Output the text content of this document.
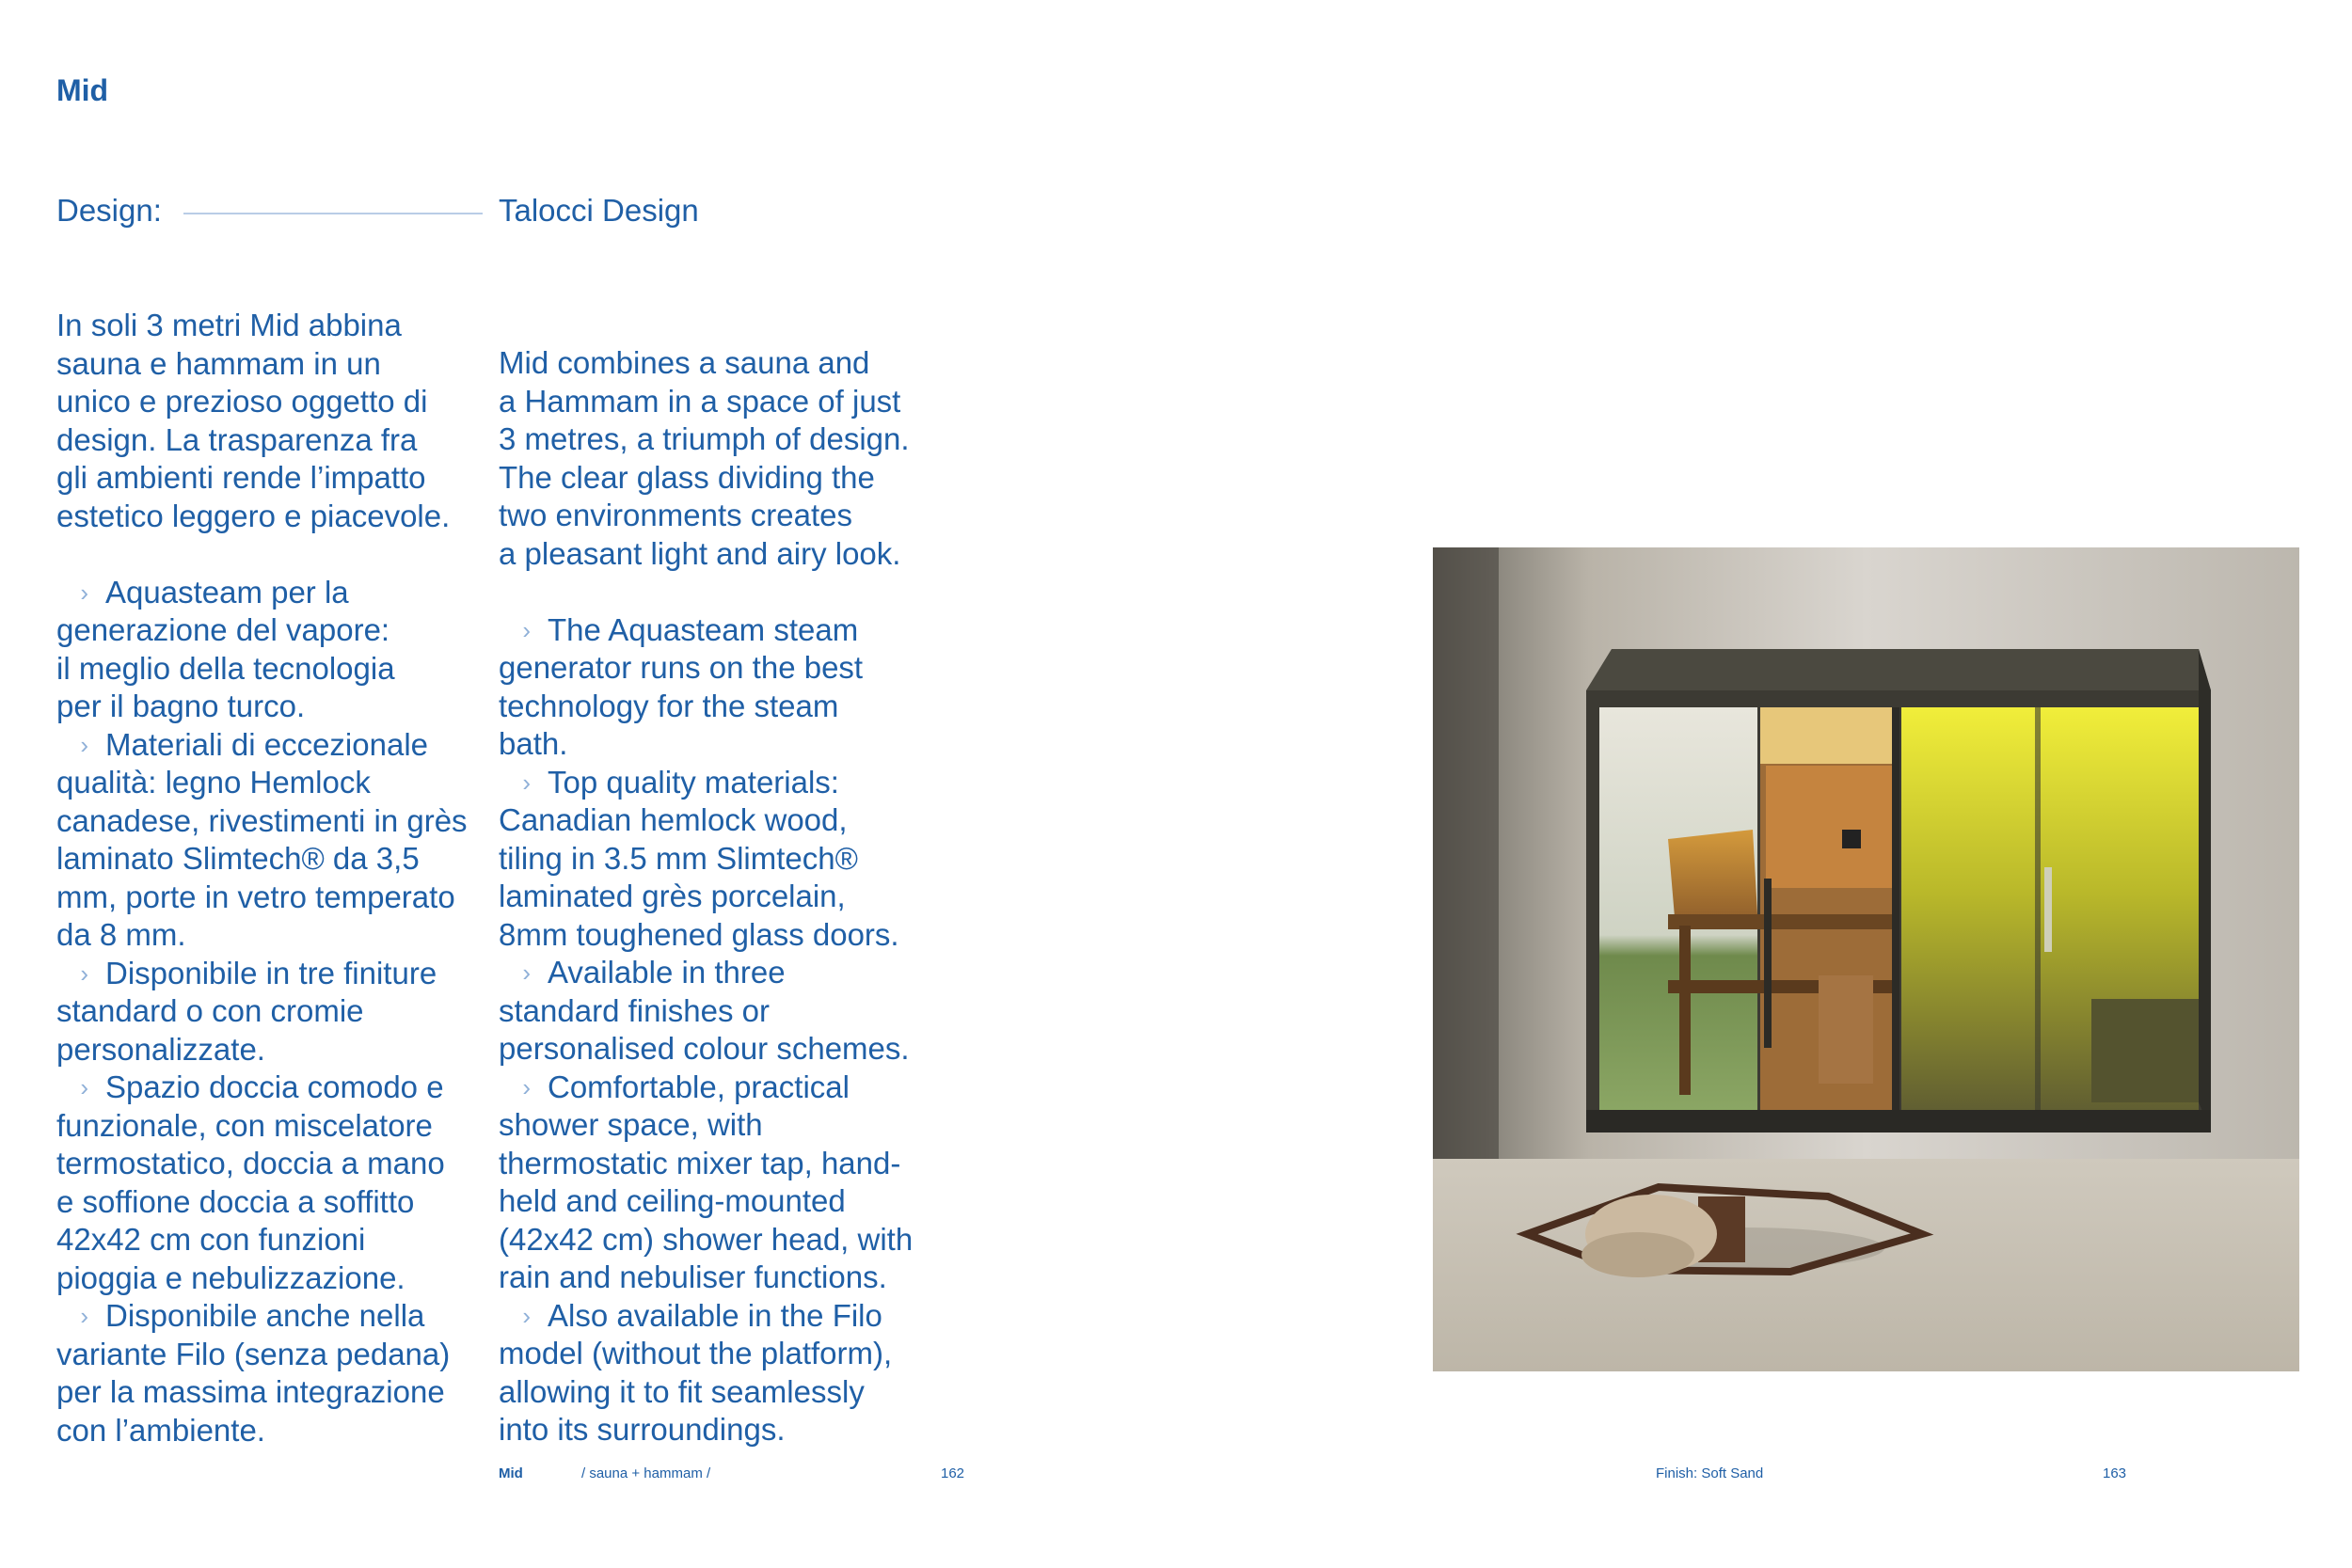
Mid
Design:	Talocci Design

In soli 3 metri Mid abbina

sauna e hammam in un

unico e prezioso oggetto di

design. La trasparenza fra

gli ambienti rende l’impatto

estetico leggero e piacevole.

› Aquasteam per la

generazione del vapore:

il meglio della tecnologia

per il bagno turco.

› Materiali di eccezionale

qualità: legno Hemlock

canadese, rivestimenti in grès

laminato Slimtech® da 3,5

mm, porte in vetro temperato

da 8 mm.

› Disponibile in tre finiture

standard o con cromie

personalizzate.

› Spazio doccia comodo e

funzionale, con miscelatore

termostatico, doccia a mano

e soffione doccia a soffitto

42x42 cm con funzioni

pioggia e nebulizzazione.

› Disponibile anche nella

variante Filo (senza pedana)

per la massima integrazione

con l’ambiente.

Mid combines a sauna and

a Hammam in a space of just

3 metres, a triumph of design.

The clear glass dividing the

two environments creates

a pleasant light and airy look.

› The Aquasteam steam

generator runs on the best

technology for the steam

bath.

› Top quality materials:

Canadian hemlock wood,

tiling in 3.5 mm Slimtech®

laminated grès porcelain,

8mm toughened glass doors.

› Available in three

standard finishes or

personalised colour schemes.

› Comfortable, practical

shower space, with

thermostatic mixer tap, hand-

held and ceiling-mounted

(42x42 cm) shower head, with

rain and nebuliser functions.

› Also available in the Filo

model (without the platform),

allowing it to fit seamlessly

into its surroundings.

Mid	/ sauna + hammam /	162	Finish: Soft Sand	163
